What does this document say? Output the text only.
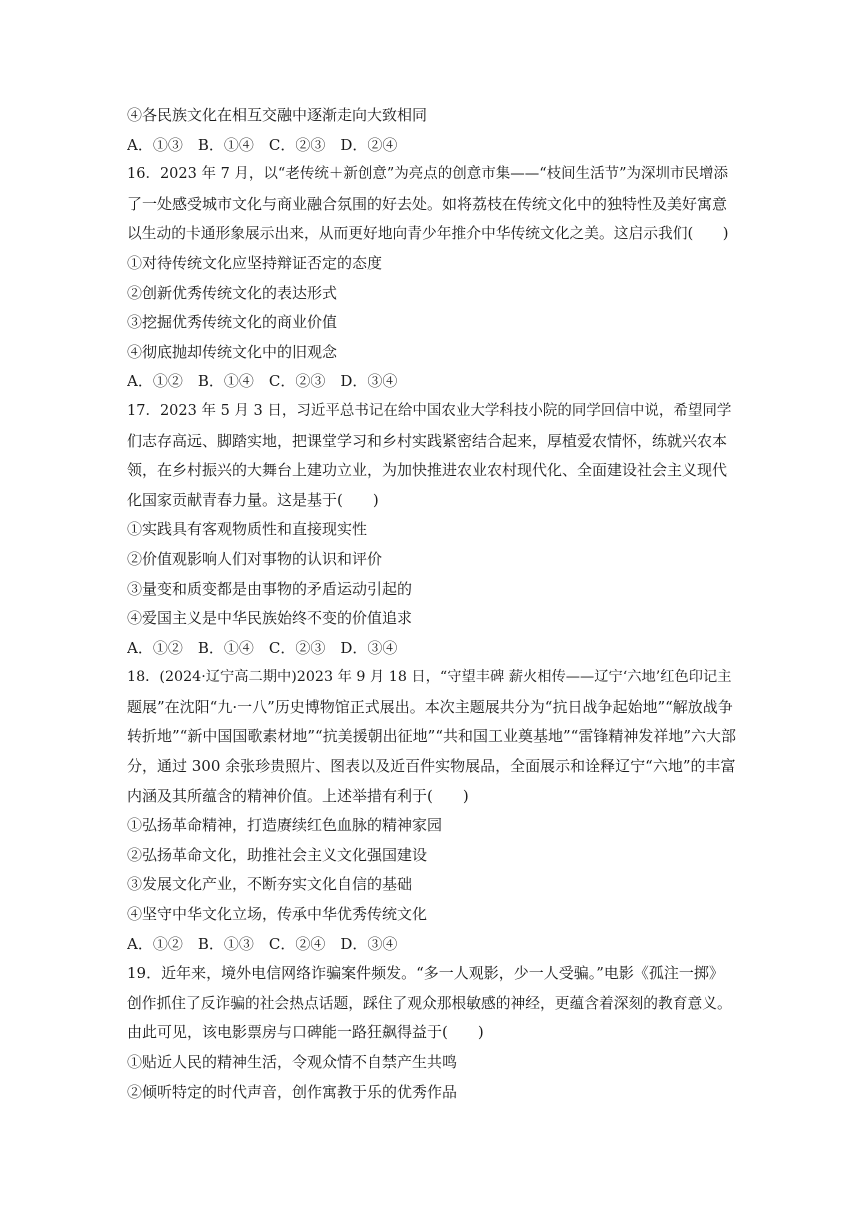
④各民族文化在相互交融中逐渐走向大致相同
A．①③　B．①④　C．②③　D．②④
16．2023 年 7 月，以“老传统＋新创意”为亮点的创意市集——“枝间生活节”为深圳市民增添
了一处感受城市文化与商业融合氛围的好去处。如将荔枝在传统文化中的独特性及美好寓意
以生动的卡通形象展示出来，从而更好地向青少年推介中华传统文化之美。这启示我们(　　)
①对待传统文化应坚持辩证否定的态度
②创新优秀传统文化的表达形式
③挖掘优秀传统文化的商业价值
④彻底抛却传统文化中的旧观念
A．①②　B．①④　C．②③　D．③④
17．2023 年 5 月 3 日，习近平总书记在给中国农业大学科技小院的同学回信中说，希望同学
们志存高远、脚踏实地，把课堂学习和乡村实践紧密结合起来，厚植爱农情怀，练就兴农本
领，在乡村振兴的大舞台上建功立业，为加快推进农业农村现代化、全面建设社会主义现代
化国家贡献青春力量。这是基于(　　)
①实践具有客观物质性和直接现实性
②价值观影响人们对事物的认识和评价
③量变和质变都是由事物的矛盾运动引起的
④爱国主义是中华民族始终不变的价值追求
A．①②　B．①④　C．②③　D．③④
18．(2024·辽宁高二期中)2023 年 9 月 18 日，“守望丰碑 薪火相传——辽宁‘六地’红色印记主
题展”在沈阳“九·一八”历史博物馆正式展出。本次主题展共分为“抗日战争起始地”“解放战争
转折地”“新中国国歌素材地”“抗美援朝出征地”“共和国工业奠基地”“雷锋精神发祥地”六大部
分，通过 300 余张珍贵照片、图表以及近百件实物展品，全面展示和诠释辽宁“六地”的丰富
内涵及其所蕴含的精神价值。上述举措有利于(　　)
①弘扬革命精神，打造赓续红色血脉的精神家园
②弘扬革命文化，助推社会主义文化强国建设
③发展文化产业，不断夯实文化自信的基础
④坚守中华文化立场，传承中华优秀传统文化
A．①②　B．①③　C．②④　D．③④
19．近年来，境外电信网络诈骗案件频发。“多一人观影，少一人受骗。”电影《孤注一掷》
创作抓住了反诈骗的社会热点话题，踩住了观众那根敏感的神经，更蕴含着深刻的教育意义。
由此可见，该电影票房与口碑能一路狂飙得益于(　　)
①贴近人民的精神生活，令观众情不自禁产生共鸣
②倾听特定的时代声音，创作寓教于乐的优秀作品
